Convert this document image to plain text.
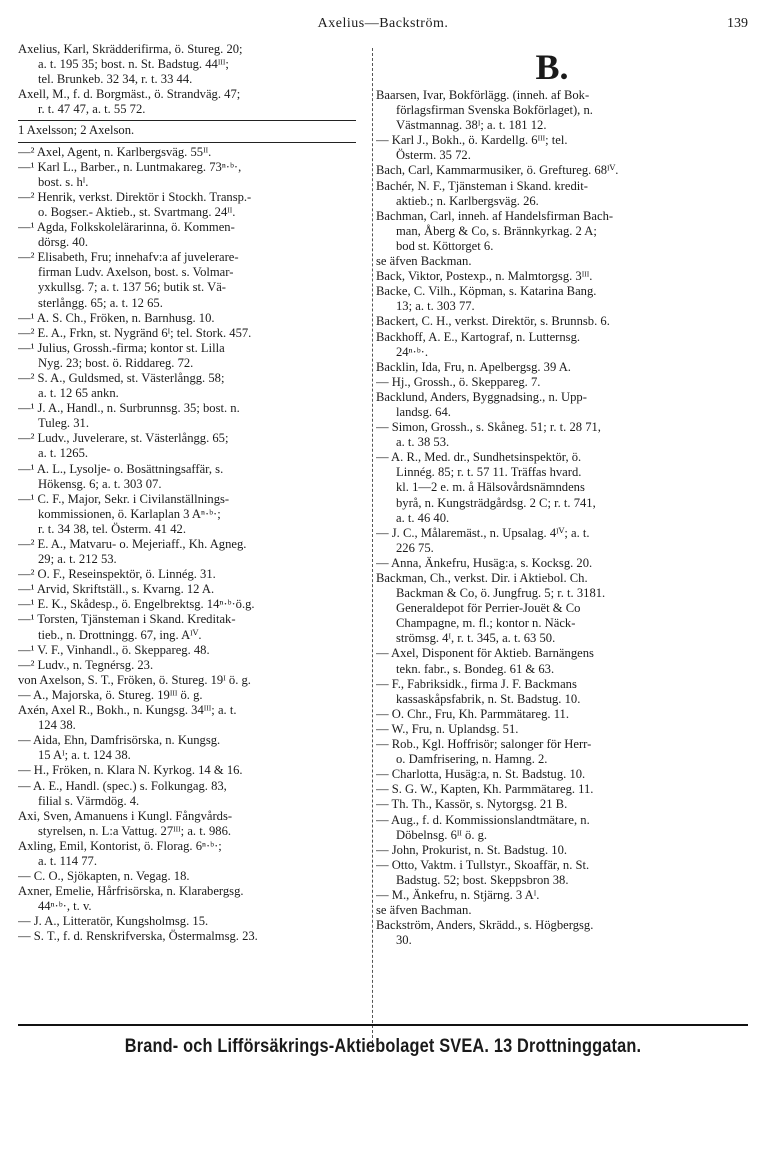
Axelius—Backström.	139
Axelius, Karl, Skrädderifirma, ö. Stureg. 20;
a. t. 195 35; bost. n. St. Badstug. 44ᴵᴵᴵ;
tel. Brunkeb. 32 34, r. t. 33 44.
Axell, M., f. d. Borgmäst., ö. Strandväg. 47;
r. t. 47 47, a. t. 55 72.
1 Axelsson; 2 Axelson.
—² Axel, Agent, n. Karlbergsväg. 55ᴵᴵ.
—¹ Karl L., Barber., n. Luntmakareg. 73ⁿ·ᵇ·,
bost. s. hᴵ.
—² Henrik, verkst. Direktör i Stockh. Transp.-
o. Bogser.- Aktieb., st. Svartmang. 24ᴵᴵ.
—¹ Agda, Folkskolelärarinna, ö. Kommen-
dörsg. 40.
—² Elisabeth, Fru; innehafv:a af juvelerare-
firman Ludv. Axelson, bost. s. Volmar-
yxkullsg. 7; a. t. 137 56; butik st. Vä-
sterlångg. 65; a. t. 12 65.
—¹ A. S. Ch., Fröken, n. Barnhusg. 10.
—² E. A., Frkn, st. Nygränd 6ᴵ; tel. Stork. 457.
—¹ Julius, Grossh.-firma; kontor st. Lilla
Nyg. 23; bost. ö. Riddareg. 72.
—² S. A., Guldsmed, st. Västerlångg. 58;
a. t. 12 65 ankn.
—¹ J. A., Handl., n. Surbrunnsg. 35; bost. n.
Tuleg. 31.
—² Ludv., Juvelerare, st. Västerlångg. 65;
a. t. 1265.
—¹ A. L., Lysolje- o. Bosättningsaffär, s.
Hökensg. 6; a. t. 303 07.
—¹ C. F., Major, Sekr. i Civilanställnings-
kommissionen, ö. Karlaplan 3 Aⁿ·ᵇ·;
r. t. 34 38, tel. Österm. 41 42.
—² E. A., Matvaru- o. Mejeriaff., Kh. Agneg.
29; a. t. 212 53.
—² O. F., Reseinspektör, ö. Linnég. 31.
—¹ Arvid, Skriftställ., s. Kvarng. 12 A.
—¹ E. K., Skådesp., ö. Engelbrektsg. 14ⁿ·ᵇ·ö.g.
—¹ Torsten, Tjänsteman i Skand. Kreditak-
tieb., n. Drottningg. 67, ing. Aᴵⱽ.
—¹ V. F., Vinhandl., ö. Skeppareg. 48.
—² Ludv., n. Tegnérsg. 23.
von Axelson, S. T., Fröken, ö. Stureg. 19ᴵ ö. g.
— A., Majorska, ö. Stureg. 19ᴵᴵᴵ ö. g.
Axén, Axel R., Bokh., n. Kungsg. 34ᴵᴵᴵ; a. t.
124 38.
— Aida, Ehn, Damfrisörska, n. Kungsg.
15 Aᴵ; a. t. 124 38.
— H., Fröken, n. Klara N. Kyrkog. 14 & 16.
— A. E., Handl. (spec.) s. Folkungag. 83,
filial s. Värmdög. 4.
Axi, Sven, Amanuens i Kungl. Fångvårds-
styrelsen, n. L:a Vattug. 27ᴵᴵᴵ; a. t. 986.
Axling, Emil, Kontorist, ö. Florag. 6ⁿ·ᵇ·;
a. t. 114 77.
— C. O., Sjökapten, n. Vegag. 18.
Axner, Emelie, Hårfrisörska, n. Klarabergsg.
44ⁿ·ᵇ·, t. v.
— J. A., Litteratör, Kungsholmsg. 15.
— S. T., f. d. Renskrifverska, Östermalmsg. 23.
B.
Baarsen, Ivar, Bokförlägg. (inneh. af Bok-
förlagsfirman Svenska Bokförlaget), n.
Västmannag. 38ᴵ; a. t. 181 12.
— Karl J., Bokh., ö. Kardellg. 6ᴵᴵᴵ; tel.
Österm. 35 72.
Bach, Carl, Kammarmusiker, ö. Greftureg. 68ᴵⱽ.
Bachér, N. F., Tjänsteman i Skand. kredit-
aktieb.; n. Karlbergsväg. 26.
Bachman, Carl, inneh. af Handelsfirman Bach-
man, Åberg & Co, s. Brännkyrkag. 2 A;
bod st. Köttorget 6.
se äfven Backman.
Back, Viktor, Postexp., n. Malmtorgsg. 3ᴵᴵᴵ.
Backe, C. Vilh., Köpman, s. Katarina Bang.
13; a. t. 303 77.
Backert, C. H., verkst. Direktör, s. Brunnsb. 6.
Backhoff, A. E., Kartograf, n. Lutternsg.
24ⁿ·ᵇ·.
Backlin, Ida, Fru, n. Apelbergsg. 39 A.
— Hj., Grossh., ö. Skeppareg. 7.
Backlund, Anders, Byggnadsing., n. Upp-
landsg. 64.
— Simon, Grossh., s. Skåneg. 51; r. t. 28 71,
a. t. 38 53.
— A. R., Med. dr., Sundhetsinspektör, ö.
Linnég. 85; r. t. 57 11. Träffas hvard.
kl. 1—2 e. m. å Hälsovårdsnämndens
byrå, n. Kungsträdgårdsg. 2 C; r. t. 741,
a. t. 46 40.
— J. C., Målaremäst., n. Upsalag. 4ᴵⱽ; a. t.
226 75.
— Anna, Änkefru, Husäg:a, s. Kocksg. 20.
Backman, Ch., verkst. Dir. i Aktiebol. Ch.
Backman & Co, ö. Jungfrug. 5; r. t. 3181.
Generaldepot för Perrier-Jouët & Co
Champagne, m. fl.; kontor n. Näck-
strömsg. 4ᴵ, r. t. 345, a. t. 63 50.
— Axel, Disponent för Aktieb. Barnängens
tekn. fabr., s. Bondeg. 61 & 63.
— F., Fabriksidk., firma J. F. Backmans
kassaskåpsfabrik, n. St. Badstug. 10.
— O. Chr., Fru, Kh. Parmmätareg. 11.
— W., Fru, n. Uplandsg. 51.
— Rob., Kgl. Hoffrisör; salonger för Herr-
o. Damfrisering, n. Hamng. 2.
— Charlotta, Husäg:a, n. St. Badstug. 10.
— S. G. W., Kapten, Kh. Parmmätareg. 11.
— Th. Th., Kassör, s. Nytorgsg. 21 B.
— Aug., f. d. Kommissionslandtmätare, n.
Döbelnsg. 6ᴵᴵ ö. g.
— John, Prokurist, n. St. Badstug. 10.
— Otto, Vaktm. i Tullstyr., Skoaffär, n. St.
Badstug. 52; bost. Skeppsbron 38.
— M., Änkefru, n. Stjärng. 3 Aᴵ.
se äfven Bachman.
Backström, Anders, Skrädd., s. Högbergsg.
30.
Brand- och Lifförsäkrings-Aktiebolaget SVEA. 13 Drottninggatan.
